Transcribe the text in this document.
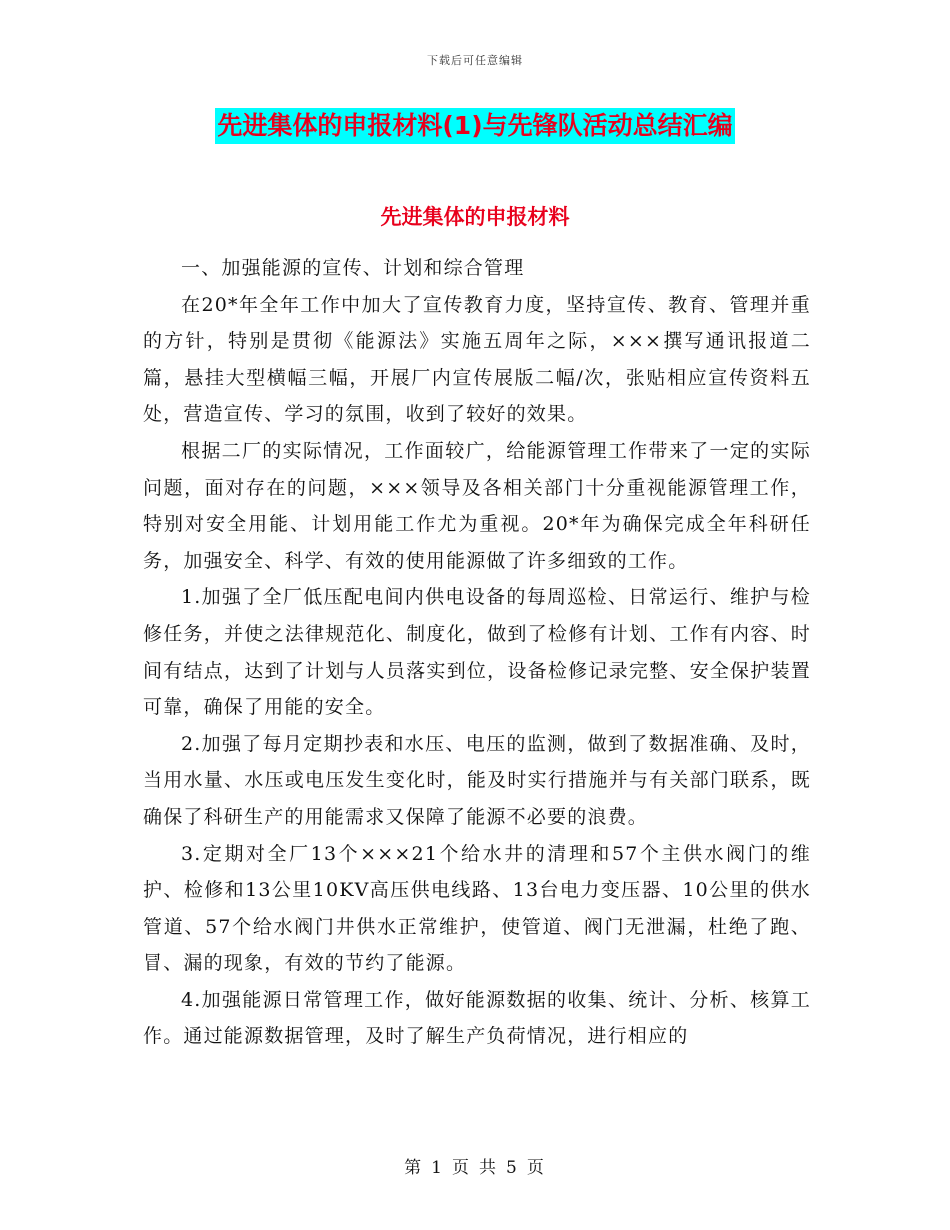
下载后可任意编辑
先进集体的申报材料(1)与先锋队活动总结汇编
先进集体的申报材料

一、加强能源的宣传、计划和综合管理

在20*年全年工作中加大了宣传教育力度，坚持宣传、教育、管理并重的方针，特别是贯彻《能源法》实施五周年之际，×××撰写通讯报道二篇，悬挂大型横幅三幅，开展厂内宣传展版二幅/次，张贴相应宣传资料五处，营造宣传、学习的氛围，收到了较好的效果。

根据二厂的实际情况，工作面较广，给能源管理工作带来了一定的实际问题，面对存在的问题，×××领导及各相关部门十分重视能源管理工作，特别对安全用能、计划用能工作尤为重视。20*年为确保完成全年科研任务，加强安全、科学、有效的使用能源做了许多细致的工作。

1.加强了全厂低压配电间内供电设备的每周巡检、日常运行、维护与检修任务，并使之法律规范化、制度化，做到了检修有计划、工作有内容、时间有结点，达到了计划与人员落实到位，设备检修记录完整、安全保护装置可靠，确保了用能的安全。

2.加强了每月定期抄表和水压、电压的监测，做到了数据准确、及时，当用水量、水压或电压发生变化时，能及时实行措施并与有关部门联系，既确保了科研生产的用能需求又保障了能源不必要的浪费。

3.定期对全厂13个×××21个给水井的清理和57个主供水阀门的维护、检修和13公里10KV高压供电线路、13台电力变压器、10公里的供水管道、57个给水阀门井供水正常维护，使管道、阀门无泄漏，杜绝了跑、冒、漏的现象，有效的节约了能源。

4.加强能源日常管理工作，做好能源数据的收集、统计、分析、核算工作。通过能源数据管理，及时了解生产负荷情况，进行相应的

第 1 页 共 5 页
